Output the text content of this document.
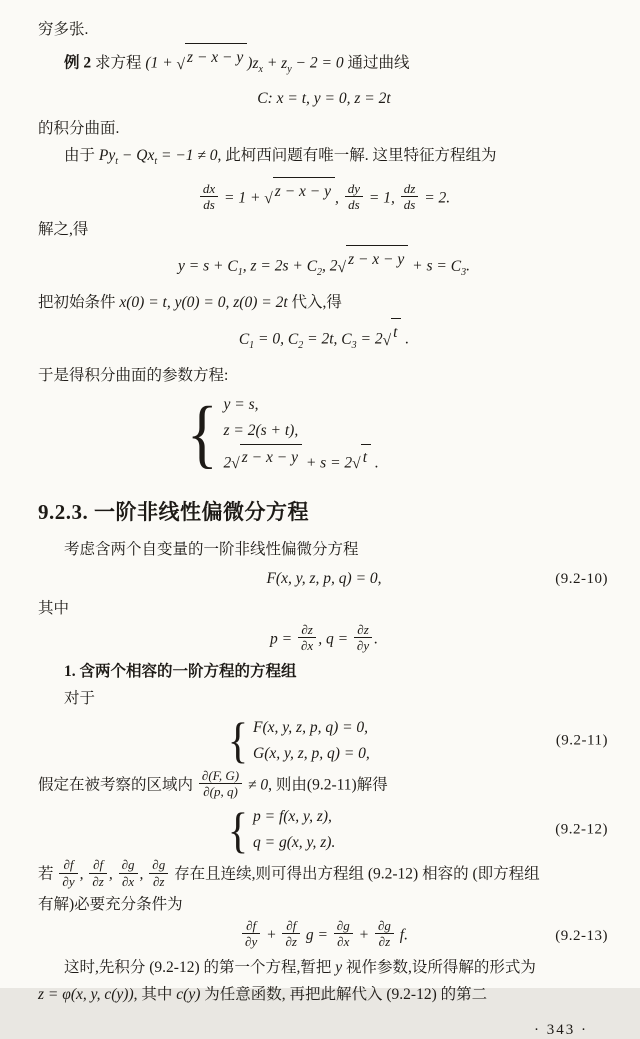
穷多张.
例 2 求方程 (1 + √ z − x − y )$z_x + z_y - 2 = 0$ 通过曲线
C: x = t, y = 0, z = 2t
的积分曲面.
由于 $Py_t - Qx_t = -1 \ne 0$, 此柯西问题有唯一解. 这里特征方程组为
$\frac{dx}{ds} = 1$ + √ z − x − y , $\frac{dy}{ds} = 1$, $\frac{dz}{ds} = 2$.
解之,得
$y = s + C_1$, $z = 2s + C_2$, 2 √ $z - x - y + s = C_3$.
把初始条件 x(0) = t, y(0) = 0, z(0) = 2t 代入,得
$C_1 = 0$, $C_2 = 2t$, $C_3 = 2$ √ t .
于是得积分曲面的参数方程:
{ y = s,
z = 2(s + t),
2 √ z − x − y + s = 2 √ t .
9.2.3. 一阶非线性偏微分方程
考虑含两个自变量的一阶非线性偏微分方程
F(x, y, z, p, q) = 0,	(9.2-10)
其中
$p = \frac{\partial z}{\partial x}$ , $q = \frac{\partial z}{\partial y}$ .
1. 含两个相容的一阶方程的方程组
对于
{ F(x, y, z, p, q) = 0,
G(x, y, z, p, q) = 0,
(9.2-11)
假定在被考察的区域内 $\frac{\partial(F, G)}{\partial(p, q)} \ne 0$, 则由(9.2-11)解得
{ p = f(x, y, z),
q = g(x, y, z).
(9.2-12)
若 $\frac{\partial f}{\partial y}$ , $\frac{\partial f}{\partial z}$ , $\frac{\partial g}{\partial x}$ , $\frac{\partial g}{\partial z}$ 存在且连续,则可得出方程组 (9.2-12) 相容的 (即方程组
有解)必要充分条件为
$\frac{\partial f}{\partial y} + \frac{\partial f}{\partial z}$ $g = \frac{\partial g}{\partial x} + \frac{\partial g}{\partial z} f$.	(9.2-13)
这时,先积分 (9.2-12) 的第一个方程,暂把 y 视作参数,设所得解的形式为
z = φ(x, y, c(y)), 其中 c(y) 为任意函数, 再把此解代入 (9.2-12) 的第二
· 343 ·
